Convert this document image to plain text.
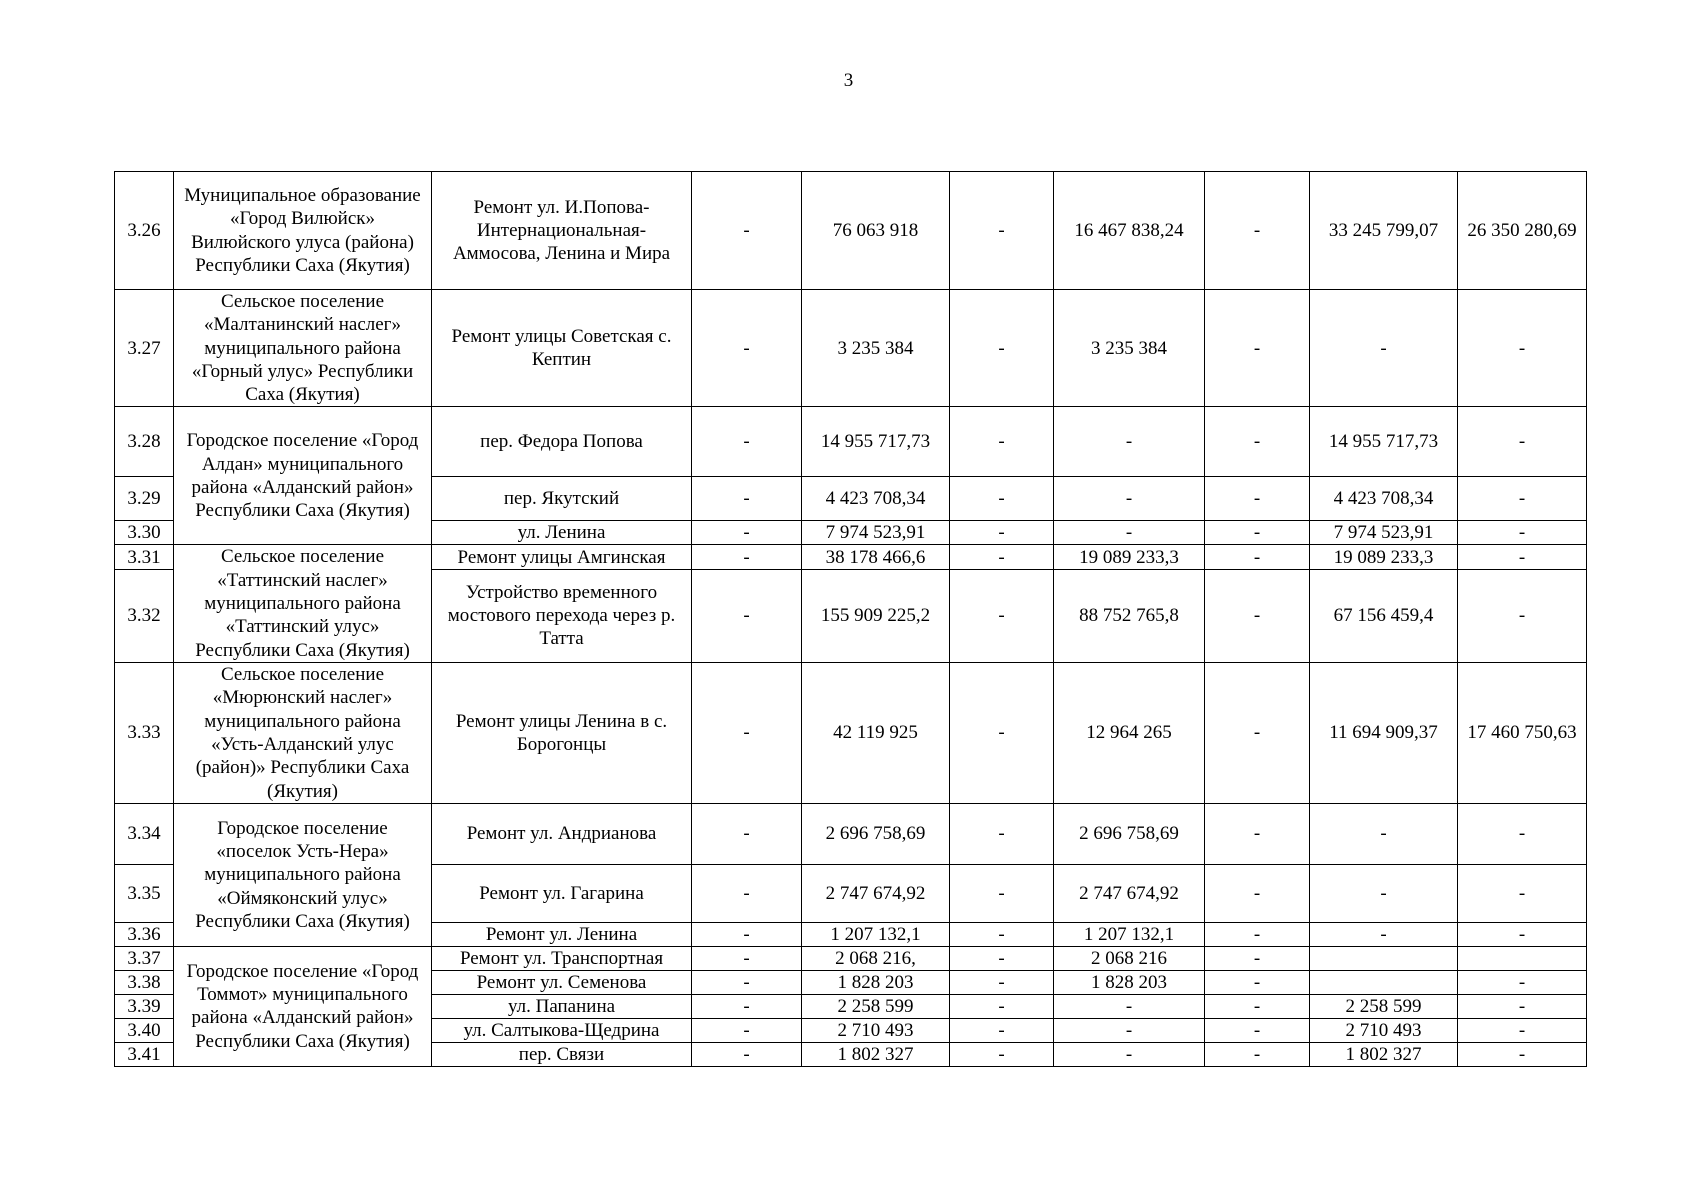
3
3.26	Муниципальное образование «Город Вилюйск» Вилюйского улуса (района) Республики Саха (Якутия)	Ремонт ул. И.Попова-Интернациональная-Аммосова, Ленина и Мира	-	76 063 918	-	16 467 838,24	-	33 245 799,07	26 350 280,69
3.27	Сельское поселение «Малтанинский наслег» муниципального района «Горный улус» Республики Саха (Якутия)	Ремонт улицы Советская с. Кептин	-	3 235 384	-	3 235 384	-	-	-
3.28	Городское поселение «Город Алдан» муниципального района «Алданский район» Республики Саха (Якутия)	пер. Федора Попова	-	14 955 717,73	-	-	-	14 955 717,73	-
3.29		пер. Якутский	-	4 423 708,34	-	-	-	4 423 708,34	-
3.30		ул. Ленина	-	7 974 523,91	-	-	-	7 974 523,91	-
3.31	Сельское поселение «Таттинский наслег» муниципального района «Таттинский улус» Республики Саха (Якутия)	Ремонт улицы Амгинская	-	38 178 466,6	-	19 089 233,3	-	19 089 233,3	-
3.32		Устройство временного мостового перехода через р. Татта	-	155 909 225,2	-	88 752 765,8	-	67 156 459,4	-
3.33	Сельское поселение «Мюрюнский наслег» муниципального района «Усть-Алданский улус (район)» Республики Саха (Якутия)	Ремонт улицы Ленина в с. Борогонцы	-	42 119 925	-	12 964 265	-	11 694 909,37	17 460 750,63
3.34	Городское поселение «поселок Усть-Нера» муниципального района «Оймяконский улус» Республики Саха (Якутия)	Ремонт ул. Андрианова	-	2 696 758,69	-	2 696 758,69	-	-	-
3.35		Ремонт ул. Гагарина	-	2 747 674,92	-	2 747 674,92	-	-	-
3.36		Ремонт ул. Ленина	-	1 207 132,1	-	1 207 132,1	-	-	-
3.37	Городское поселение «Город Томмот» муниципального района «Алданский район» Республики Саха (Якутия)	Ремонт ул. Транспортная	-	2 068 216,	-	2 068 216	-		
3.38		Ремонт ул. Семенова	-	1 828 203	-	1 828 203	-		-
3.39		ул. Папанина	-	2 258 599	-	-	-	2 258 599	-
3.40		ул. Салтыкова-Щедрина	-	2 710 493	-	-	-	2 710 493	-
3.41		пер. Связи	-	1 802 327	-	-	-	1 802 327	-
